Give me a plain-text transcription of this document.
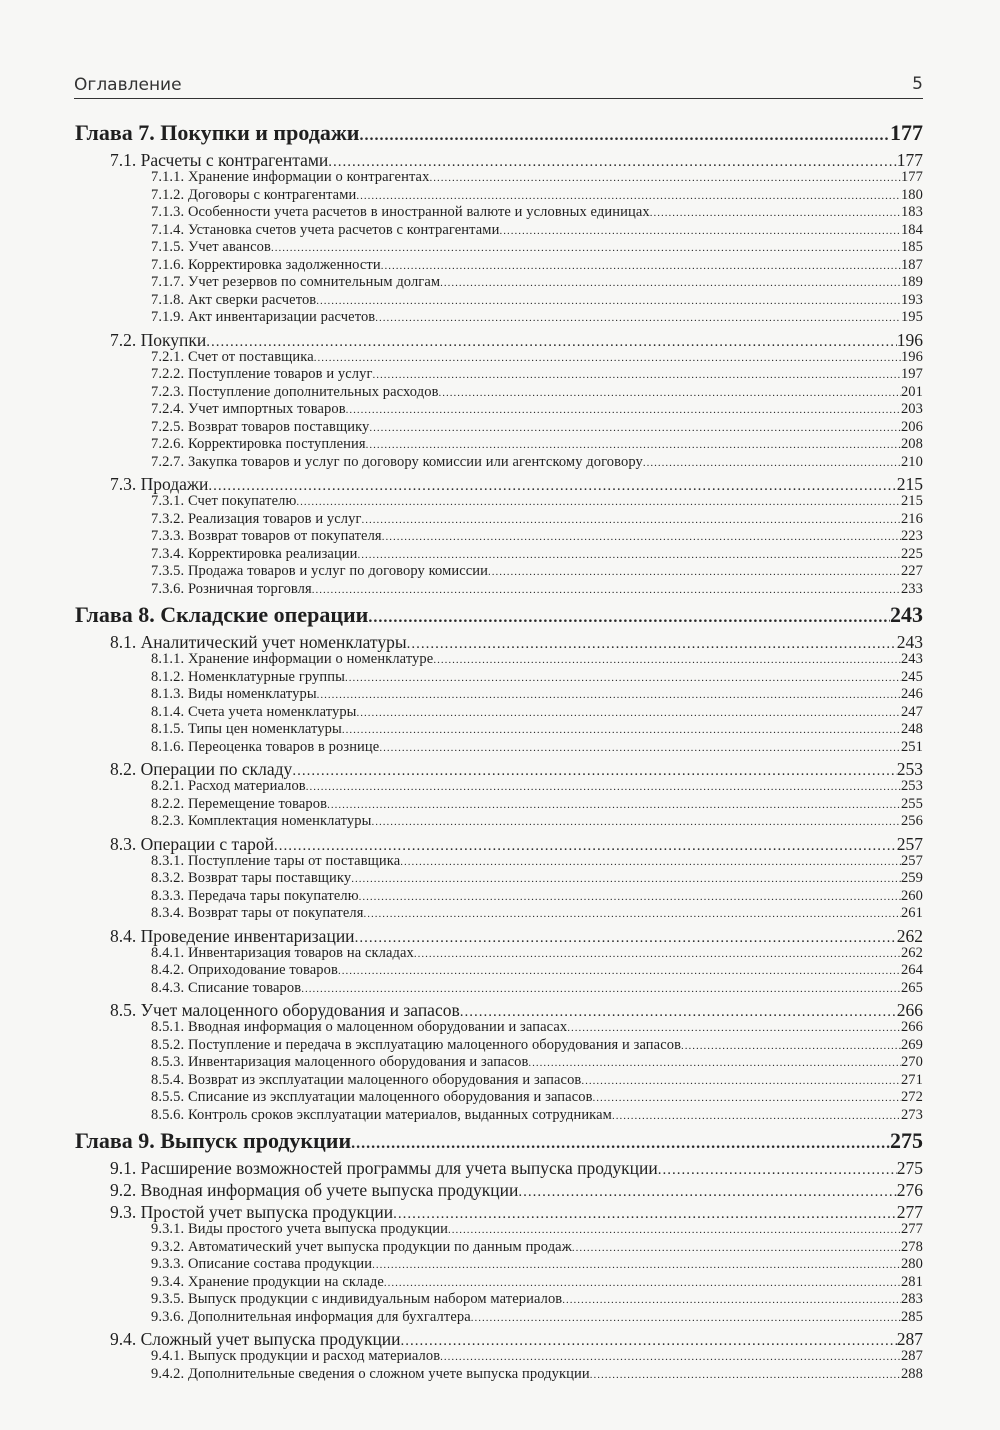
Оглавление	5
Глава 7. Покупки и продажи .....	177
7.1. Расчеты с контрагентами .....	177
7.1.1. Хранение информации о контрагентах .....	177
7.1.2. Договоры с контрагентами .....	180
7.1.3. Особенности учета расчетов в иностранной валюте и условных единицах .....	183
7.1.4. Установка счетов учета расчетов с контрагентами .....	184
7.1.5. Учет авансов .....	185
7.1.6. Корректировка задолженности .....	187
7.1.7. Учет резервов по сомнительным долгам .....	189
7.1.8. Акт сверки расчетов .....	193
7.1.9. Акт инвентаризации расчетов .....	195
7.2. Покупки .....	196
7.2.1. Счет от поставщика .....	196
7.2.2. Поступление товаров и услуг .....	197
7.2.3. Поступление дополнительных расходов .....	201
7.2.4. Учет импортных товаров .....	203
7.2.5. Возврат товаров поставщику .....	206
7.2.6. Корректировка поступления .....	208
7.2.7. Закупка товаров и услуг по договору комиссии или агентскому договору .....	210
7.3. Продажи .....	215
7.3.1. Счет покупателю .....	215
7.3.2. Реализация товаров и услуг .....	216
7.3.3. Возврат товаров от покупателя .....	223
7.3.4. Корректировка реализации .....	225
7.3.5. Продажа товаров и услуг по договору комиссии .....	227
7.3.6. Розничная торговля .....	233
Глава 8. Складские операции .....	243
8.1. Аналитический учет номенклатуры .....	243
8.1.1. Хранение информации о номенклатуре .....	243
8.1.2. Номенклатурные группы .....	245
8.1.3. Виды номенклатуры .....	246
8.1.4. Счета учета номенклатуры .....	247
8.1.5. Типы цен номенклатуры .....	248
8.1.6. Переоценка товаров в рознице .....	251
8.2. Операции по складу .....	253
8.2.1. Расход материалов .....	253
8.2.2. Перемещение товаров .....	255
8.2.3. Комплектация номенклатуры .....	256
8.3. Операции с тарой .....	257
8.3.1. Поступление тары от поставщика .....	257
8.3.2. Возврат тары поставщику .....	259
8.3.3. Передача тары покупателю .....	260
8.3.4. Возврат тары от покупателя .....	261
8.4. Проведение инвентаризации .....	262
8.4.1. Инвентаризация товаров на складах .....	262
8.4.2. Оприходование товаров .....	264
8.4.3. Списание товаров .....	265
8.5. Учет малоценного оборудования и запасов .....	266
8.5.1. Вводная информация о малоценном оборудовании и запасах .....	266
8.5.2. Поступление и передача в эксплуатацию малоценного оборудования и запасов .....	269
8.5.3. Инвентаризация малоценного оборудования и запасов .....	270
8.5.4. Возврат из эксплуатации малоценного оборудования и запасов .....	271
8.5.5. Списание из эксплуатации малоценного оборудования и запасов .....	272
8.5.6. Контроль сроков эксплуатации материалов, выданных сотрудникам .....	273
Глава 9. Выпуск продукции .....	275
9.1. Расширение возможностей программы для учета выпуска продукции .....	275
9.2. Вводная информация об учете выпуска продукции .....	276
9.3. Простой учет выпуска продукции .....	277
9.3.1. Виды простого учета выпуска продукции .....	277
9.3.2. Автоматический учет выпуска продукции по данным продаж .....	278
9.3.3. Описание состава продукции .....	280
9.3.4. Хранение продукции на складе .....	281
9.3.5. Выпуск продукции с индивидуальным набором материалов .....	283
9.3.6. Дополнительная информация для бухгалтера .....	285
9.4. Сложный учет выпуска продукции .....	287
9.4.1. Выпуск продукции и расход материалов .....	287
9.4.2. Дополнительные сведения о сложном учете выпуска продукции .....	288
